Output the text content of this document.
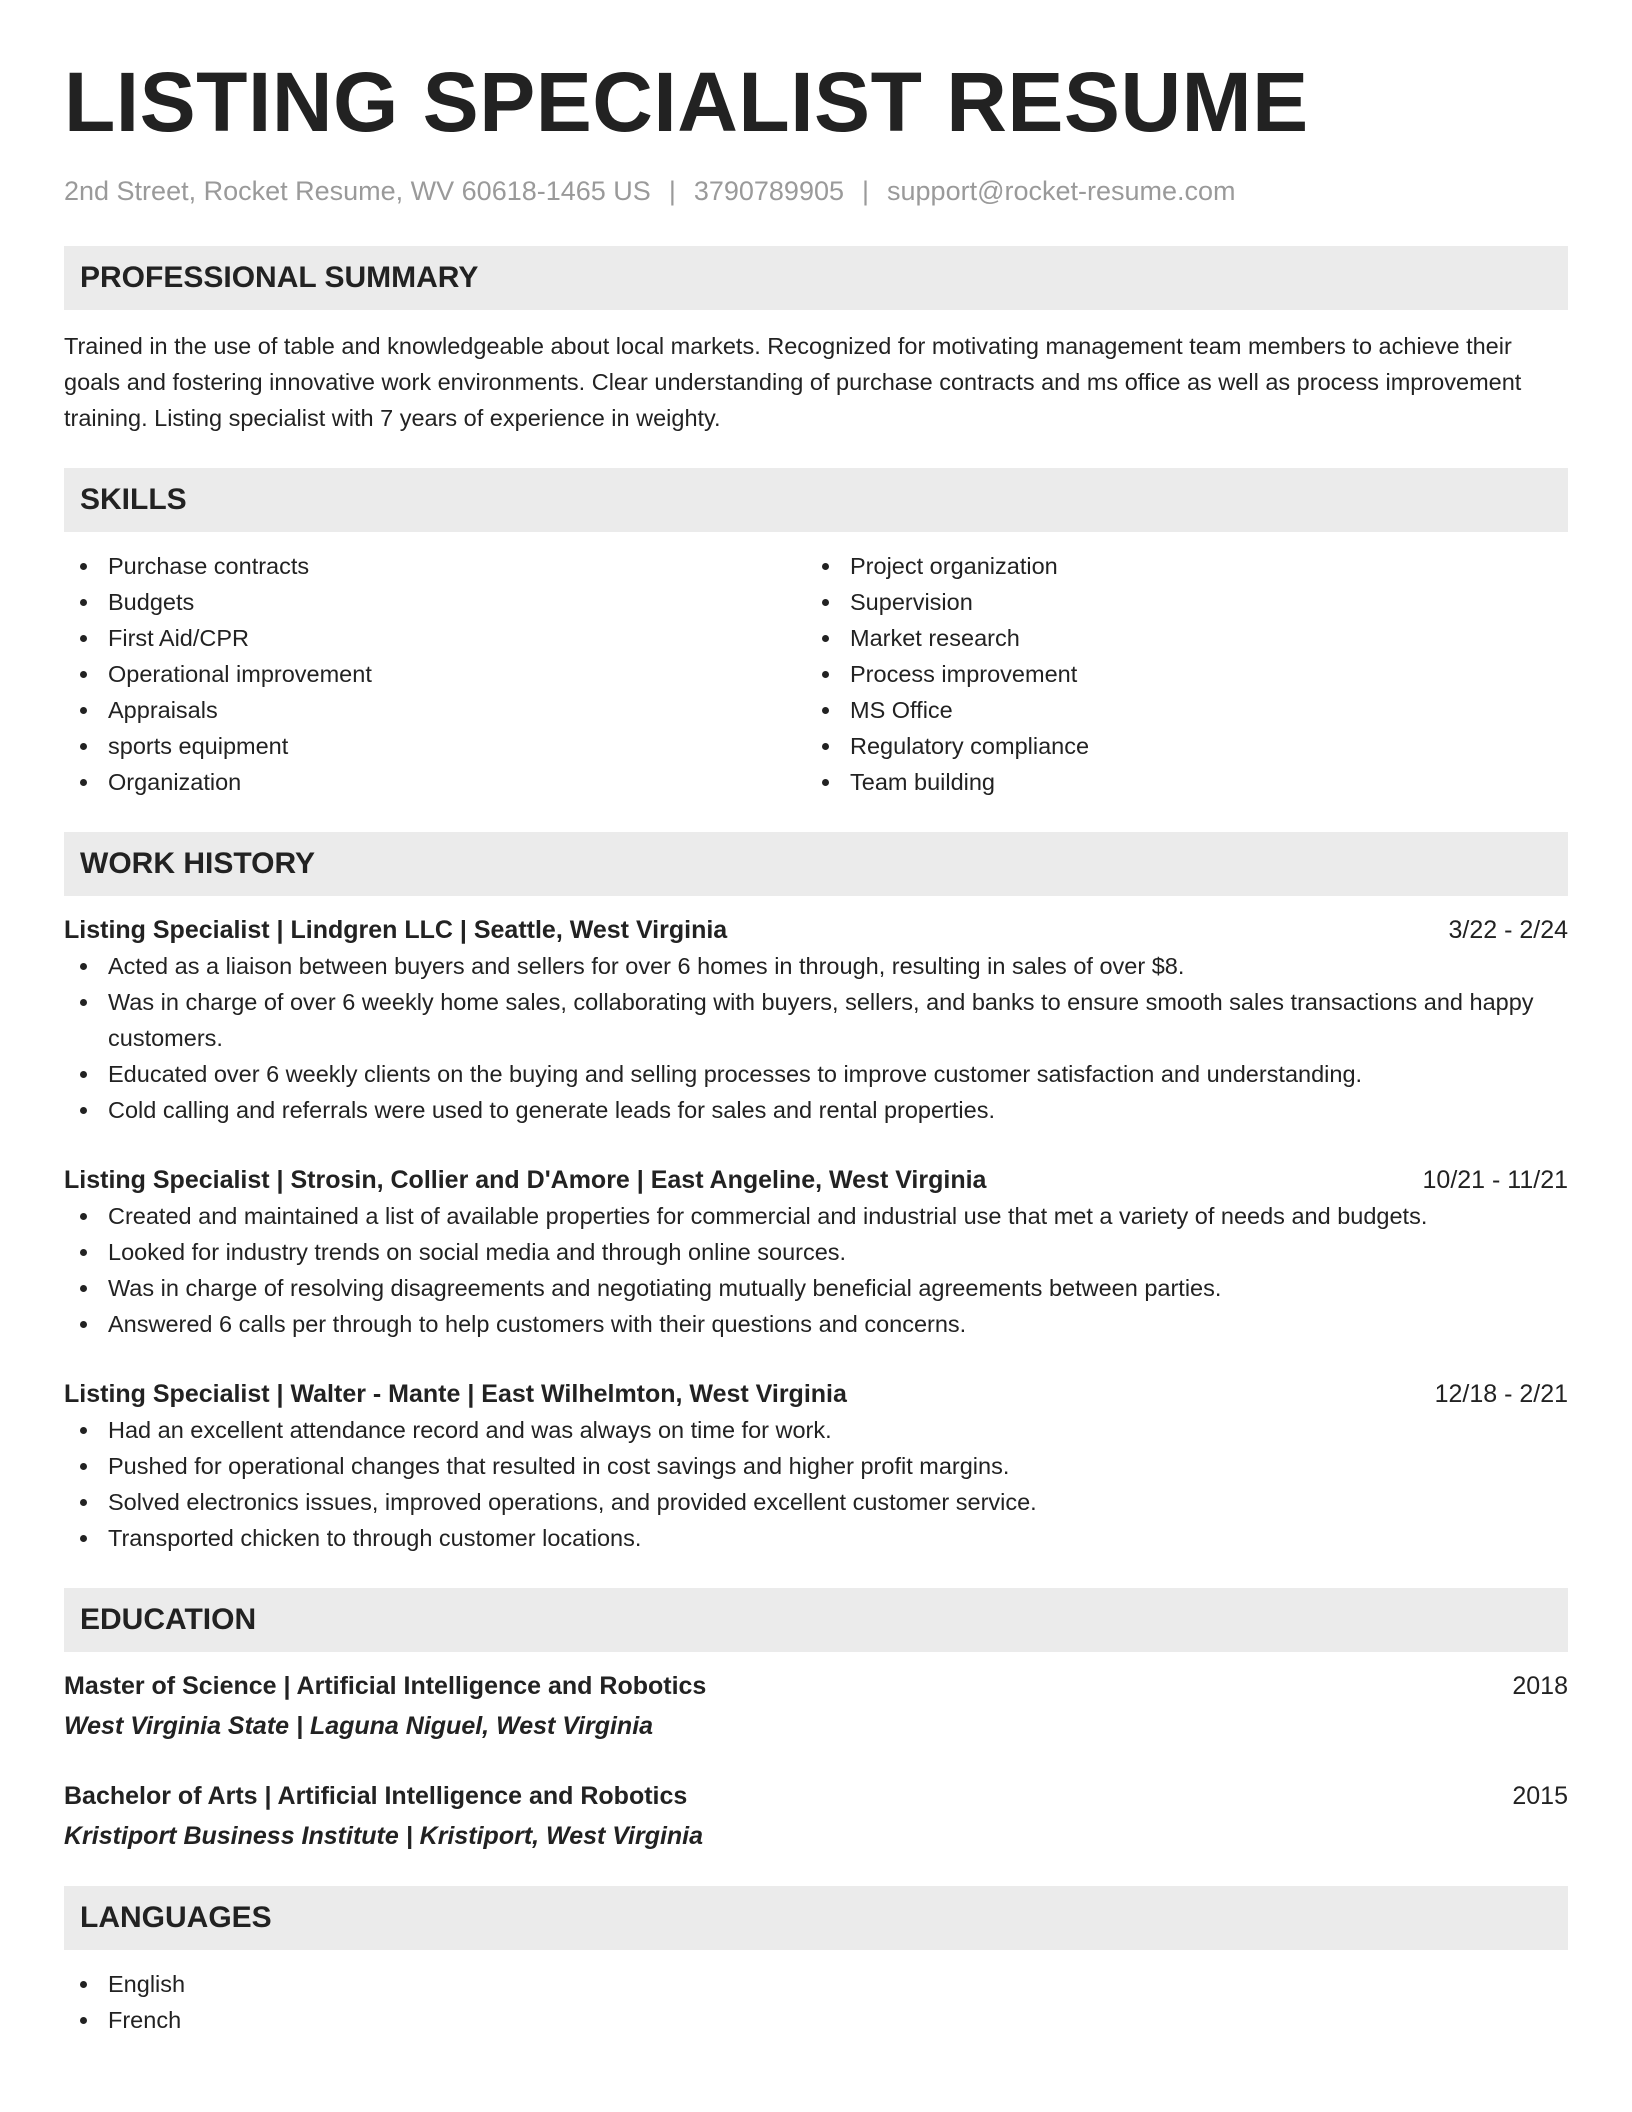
LISTING SPECIALIST RESUME
2nd Street, Rocket Resume, WV 60618-1465 US | 3790789905 | support@rocket-resume.com
PROFESSIONAL SUMMARY

Trained in the use of table and knowledgeable about local markets. Recognized for motivating management team members to achieve their goals and fostering innovative work environments. Clear understanding of purchase contracts and ms office as well as process improvement training. Listing specialist with 7 years of experience in weighty.

SKILLS
Purchase contracts
Budgets
First Aid/CPR
Operational improvement
Appraisals
sports equipment
Organization
Project organization
Supervision
Market research
Process improvement
MS Office
Regulatory compliance
Team building
WORK HISTORY
Listing Specialist | Lindgren LLC | Seattle, West Virginia	3/22 - 2/24
Acted as a liaison between buyers and sellers for over 6 homes in through, resulting in sales of over $8.
Was in charge of over 6 weekly home sales, collaborating with buyers, sellers, and banks to ensure smooth sales transactions and happy customers.
Educated over 6 weekly clients on the buying and selling processes to improve customer satisfaction and understanding.
Cold calling and referrals were used to generate leads for sales and rental properties.
Listing Specialist | Strosin, Collier and D'Amore | East Angeline, West Virginia	10/21 - 11/21
Created and maintained a list of available properties for commercial and industrial use that met a variety of needs and budgets.
Looked for industry trends on social media and through online sources.
Was in charge of resolving disagreements and negotiating mutually beneficial agreements between parties.
Answered 6 calls per through to help customers with their questions and concerns.
Listing Specialist | Walter - Mante | East Wilhelmton, West Virginia	12/18 - 2/21
Had an excellent attendance record and was always on time for work.
Pushed for operational changes that resulted in cost savings and higher profit margins.
Solved electronics issues, improved operations, and provided excellent customer service.
Transported chicken to through customer locations.
EDUCATION
Master of Science | Artificial Intelligence and Robotics	2018
West Virginia State | Laguna Niguel, West Virginia
Bachelor of Arts | Artificial Intelligence and Robotics	2015
Kristiport Business Institute | Kristiport, West Virginia
LANGUAGES
English
French
